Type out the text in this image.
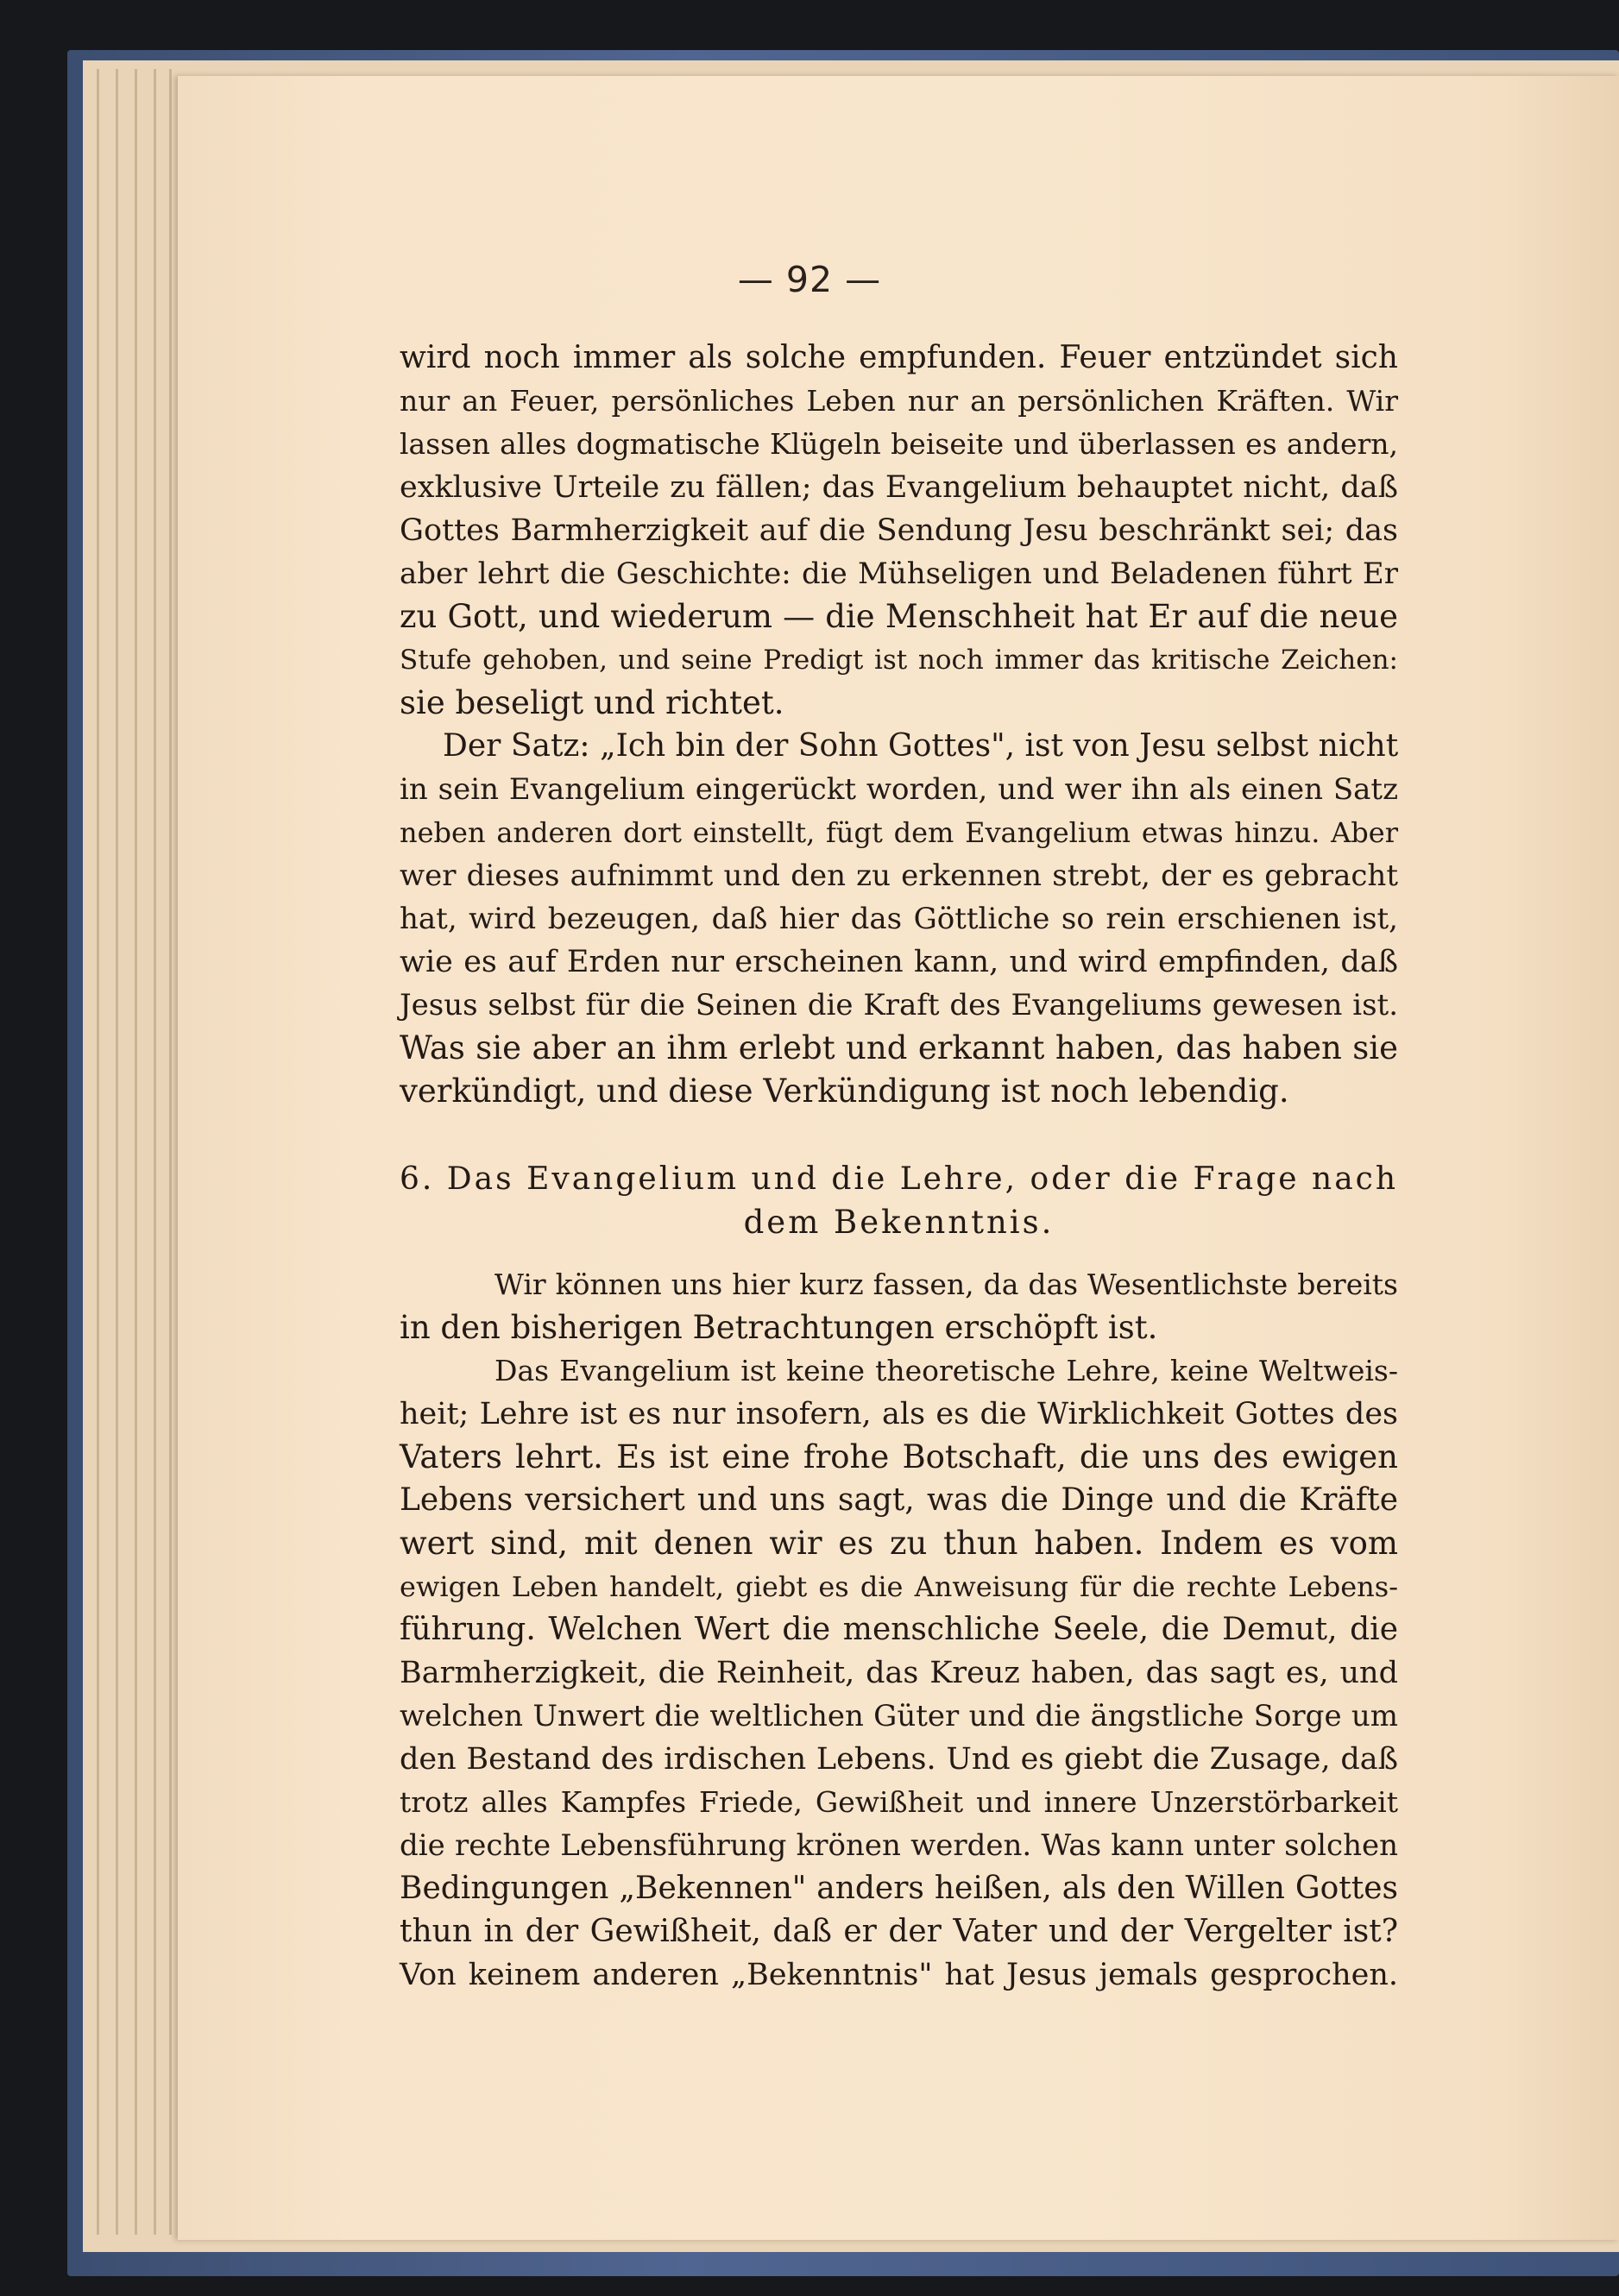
— 92 —
wird noch immer als solche empfunden. Feuer entzündet sich
nur an Feuer, persönliches Leben nur an persönlichen Kräften. Wir
lassen alles dogmatische Klügeln beiseite und überlassen es andern,
exklusive Urteile zu fällen; das Evangelium behauptet nicht, daß
Gottes Barmherzigkeit auf die Sendung Jesu beschränkt sei; das
aber lehrt die Geschichte: die Mühseligen und Beladenen führt Er
zu Gott, und wiederum — die Menschheit hat Er auf die neue
Stufe gehoben, und seine Predigt ist noch immer das kritische Zeichen:
sie beseligt und richtet.
Der Satz: „Ich bin der Sohn Gottes", ist von Jesu selbst nicht
in sein Evangelium eingerückt worden, und wer ihn als einen Satz
neben anderen dort einstellt, fügt dem Evangelium etwas hinzu. Aber
wer dieses aufnimmt und den zu erkennen strebt, der es gebracht
hat, wird bezeugen, daß hier das Göttliche so rein erschienen ist,
wie es auf Erden nur erscheinen kann, und wird empfinden, daß
Jesus selbst für die Seinen die Kraft des Evangeliums gewesen ist.
Was sie aber an ihm erlebt und erkannt haben, das haben sie
verkündigt, und diese Verkündigung ist noch lebendig.
6. Das Evangelium und die Lehre, oder die Frage nach
dem Bekenntnis.
Wir können uns hier kurz fassen, da das Wesentlichste bereits
in den bisherigen Betrachtungen erschöpft ist.
Das Evangelium ist keine theoretische Lehre, keine Weltweis-
heit; Lehre ist es nur insofern, als es die Wirklichkeit Gottes des
Vaters lehrt. Es ist eine frohe Botschaft, die uns des ewigen
Lebens versichert und uns sagt, was die Dinge und die Kräfte
wert sind, mit denen wir es zu thun haben. Indem es vom
ewigen Leben handelt, giebt es die Anweisung für die rechte Lebens-
führung. Welchen Wert die menschliche Seele, die Demut, die
Barmherzigkeit, die Reinheit, das Kreuz haben, das sagt es, und
welchen Unwert die weltlichen Güter und die ängstliche Sorge um
den Bestand des irdischen Lebens. Und es giebt die Zusage, daß
trotz alles Kampfes Friede, Gewißheit und innere Unzerstörbarkeit
die rechte Lebensführung krönen werden. Was kann unter solchen
Bedingungen „Bekennen" anders heißen, als den Willen Gottes
thun in der Gewißheit, daß er der Vater und der Vergelter ist?
Von keinem anderen „Bekenntnis" hat Jesus jemals gesprochen.
